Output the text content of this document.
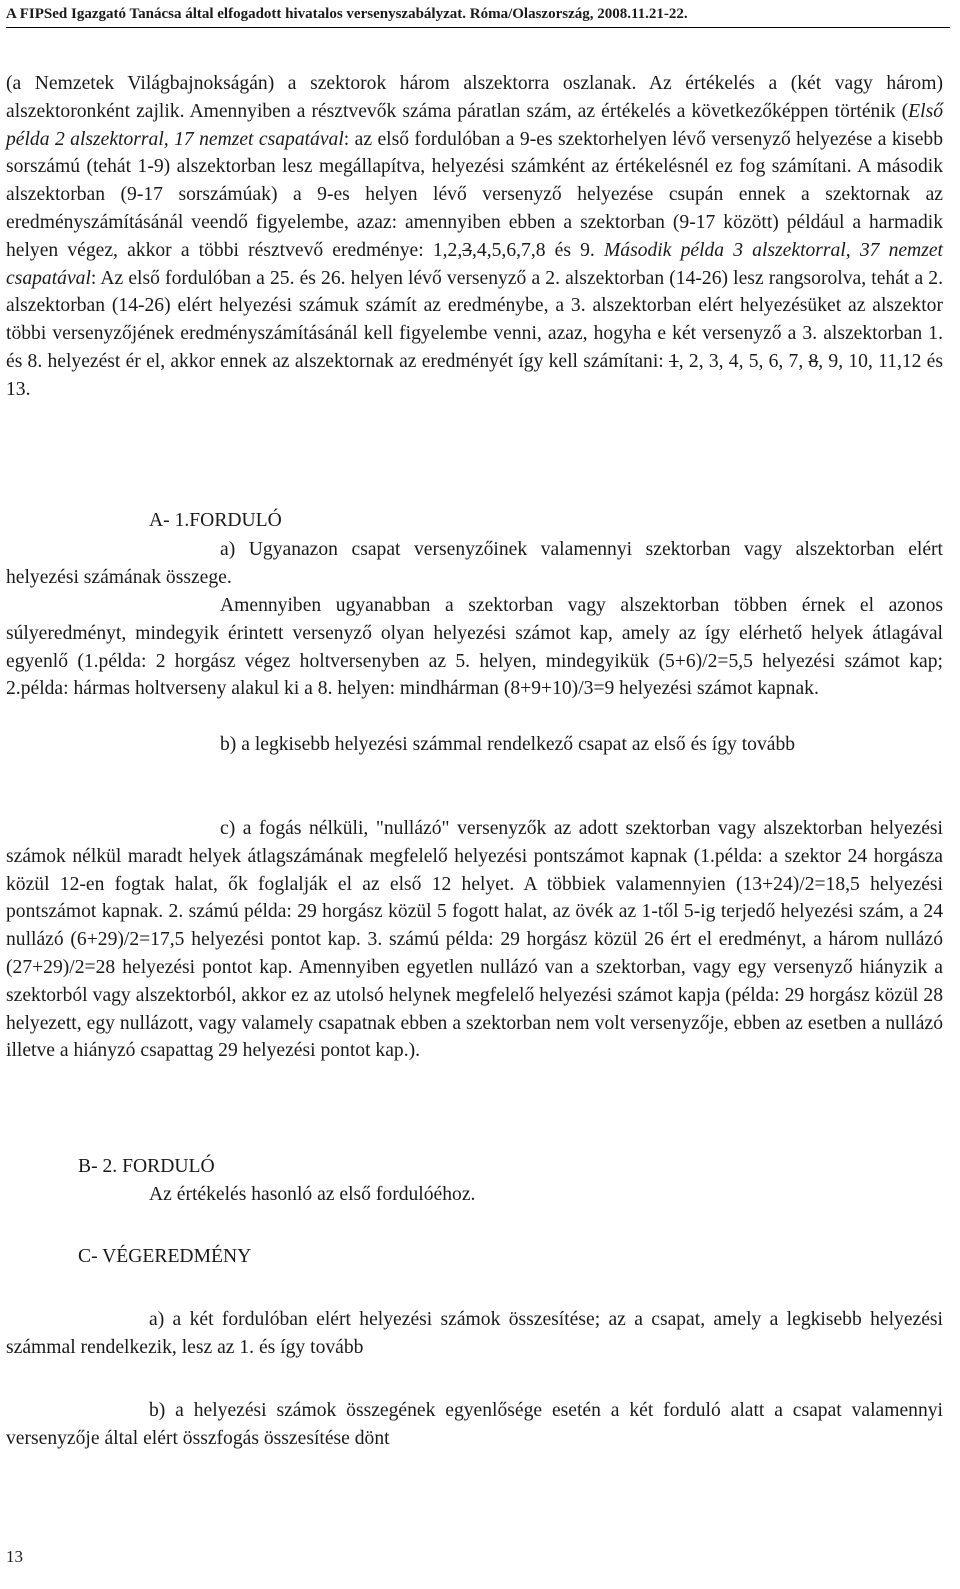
A FIPSed Igazgató Tanácsa által elfogadott hivatalos versenyszabályzat. Róma/Olaszország, 2008.11.21-22.

(a Nemzetek Világbajnokságán) a szektorok három alszektorra oszlanak. Az értékelés a (két vagy három) alszektoronként zajlik. Amennyiben a résztvevők száma páratlan szám, az értékelés a következőképpen történik (Első példa 2 alszektorral, 17 nemzet csapatával: az első fordulóban a 9-es szektorhelyen lévő versenyző helyezése a kisebb sorszámú (tehát 1-9) alszektorban lesz megállapítva, helyezési számként az értékelésnél ez fog számítani. A második alszektorban (9-17 sorszámúak) a 9-es helyen lévő versenyző helyezése csupán ennek a szektornak az eredményszámításánál veendő figyelembe, azaz: amennyiben ebben a szektorban (9-17 között) például a harmadik helyen végez, akkor a többi résztvevő eredménye: 1,2,3,4,5,6,7,8 és 9. Második példa 3 alszektorral, 37 nemzet csapatával: Az első fordulóban a 25. és 26. helyen lévő versenyző a 2. alszektorban (14-26) lesz rangsorolva, tehát a 2. alszektorban (14-26) elért helyezési számuk számít az eredménybe, a 3. alszektorban elért helyezésüket az alszektor többi versenyzőjének eredményszámításánál kell figyelembe venni, azaz, hogyha e két versenyző a 3. alszektorban 1. és 8. helyezést ér el, akkor ennek az alszektornak az eredményét így kell számítani: 1, 2, 3, 4, 5, 6, 7, 8, 9, 10, 11,12 és 13.

A- 1.FORDULÓ

a) Ugyanazon csapat versenyzőinek valamennyi szektorban vagy alszektorban elért helyezési számának összege.

Amennyiben ugyanabban a szektorban vagy alszektorban többen érnek el azonos súlyeredményt, mindegyik érintett versenyző olyan helyezési számot kap, amely az így elérhető helyek átlagával egyenlő (1.példa: 2 horgász végez holtversenyben az 5. helyen, mindegyikük (5+6)/2=5,5 helyezési számot kap; 2.példa: hármas holtverseny alakul ki a 8. helyen: mindhárman (8+9+10)/3=9 helyezési számot kapnak.

b) a legkisebb helyezési számmal rendelkező csapat az első és így tovább

c) a fogás nélküli, "nullázó" versenyzők az adott szektorban vagy alszektorban helyezési számok nélkül maradt helyek átlagszámának megfelelő helyezési pontszámot kapnak (1.példa: a szektor 24 horgásza közül 12-en fogtak halat, ők foglalják el az első 12 helyet. A többiek valamennyien (13+24)/2=18,5 helyezési pontszámot kapnak. 2. számú példa: 29 horgász közül 5 fogott halat, az övék az 1-től 5-ig terjedő helyezési szám, a 24 nullázó (6+29)/2=17,5 helyezési pontot kap. 3. számú példa: 29 horgász közül 26 ért el eredményt, a három nullázó (27+29)/2=28 helyezési pontot kap. Amennyiben egyetlen nullázó van a szektorban, vagy egy versenyző hiányzik a szektorból vagy alszektorból, akkor ez az utolsó helynek megfelelő helyezési számot kapja (példa: 29 horgász közül 28 helyezett, egy nullázott, vagy valamely csapatnak ebben a szektorban nem volt versenyzője, ebben az esetben a nullázó illetve a hiányzó csapattag 29 helyezési pontot kap.).

B- 2. FORDULÓ
Az értékelés hasonló az első fordulóéhoz.
C- VÉGEREDMÉNY

a) a két fordulóban elért helyezési számok összesítése; az a csapat, amely a legkisebb helyezési számmal rendelkezik, lesz az 1. és így tovább

b) a helyezési számok összegének egyenlősége esetén a két forduló alatt a csapat valamennyi versenyzője által elért összfogás összesítése dönt

13
